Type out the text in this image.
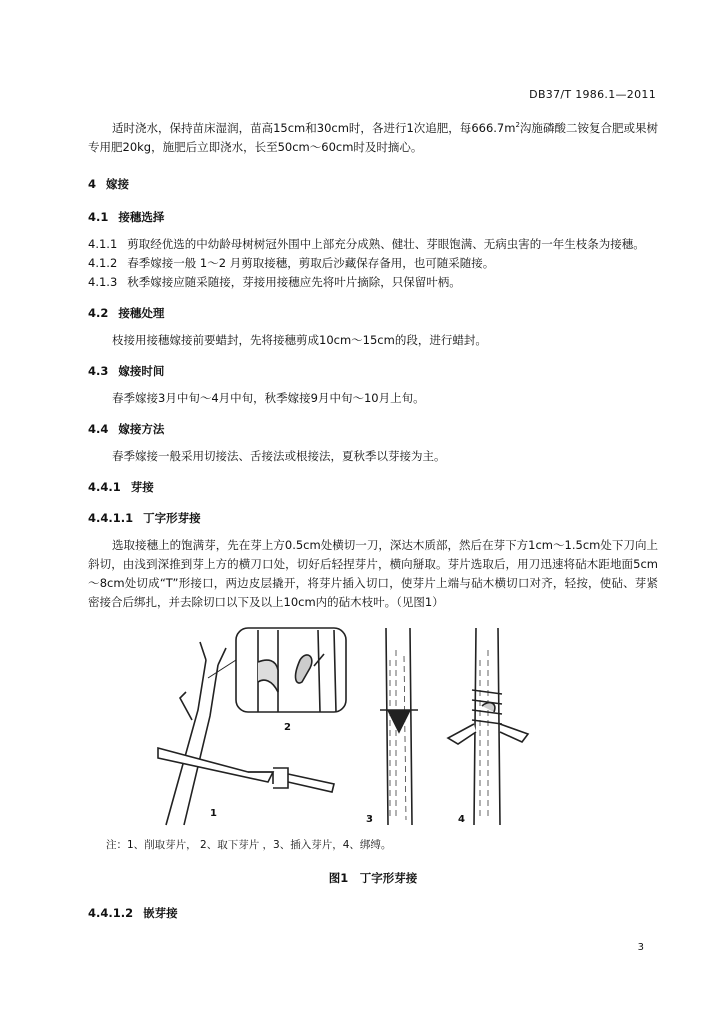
DB37/T 1986.1—2011

适时浇水，保持苗床湿润，苗高15cm和30cm时，各进行1次追肥，每$666.7m^2$沟施磷酸二铵复合肥或果树专用肥20kg，施肥后立即浇水，长至50cm～60cm时及时摘心。

4 嫁接

4.1 接穗选择

4.1.1 剪取经优选的中幼龄母树树冠外围中上部充分成熟、健壮、芽眼饱满、无病虫害的一年生枝条为接穗。

4.1.2 春季嫁接一般 1～2 月剪取接穗，剪取后沙藏保存备用，也可随采随接。

4.1.3 秋季嫁接应随采随接，芽接用接穗应先将叶片摘除，只保留叶柄。

4.2 接穗处理

枝接用接穗嫁接前要蜡封，先将接穗剪成10cm～15cm的段，进行蜡封。

4.3 嫁接时间

春季嫁接3月中旬～4月中旬，秋季嫁接9月中旬～10月上旬。

4.4 嫁接方法

春季嫁接一般采用切接法、舌接法或根接法，夏秋季以芽接为主。

4.4.1 芽接

4.4.1.1 丁字形芽接

选取接穗上的饱满芽，先在芽上方0.5cm处横切一刀，深达木质部，然后在芽下方1cm～1.5cm处下刀向上斜切，由浅到深推到芽上方的横刀口处，切好后轻捏芽片，横向掰取。芽片选取后，用刀迅速将砧木距地面5cm～8cm处切成“T”形接口，两边皮层撬开，将芽片插入切口，使芽片上端与砧木横切口对齐，轻按，使砧、芽紧密接合后绑扎，并去除切口以下及以上10cm内的砧木枝叶。（见图1）

1
2
3	4

注：1、削取芽片， 2、取下芽片 ，3、插入芽片，4、绑缚。

图1　丁字形芽接

4.4.1.2 嵌芽接

3
